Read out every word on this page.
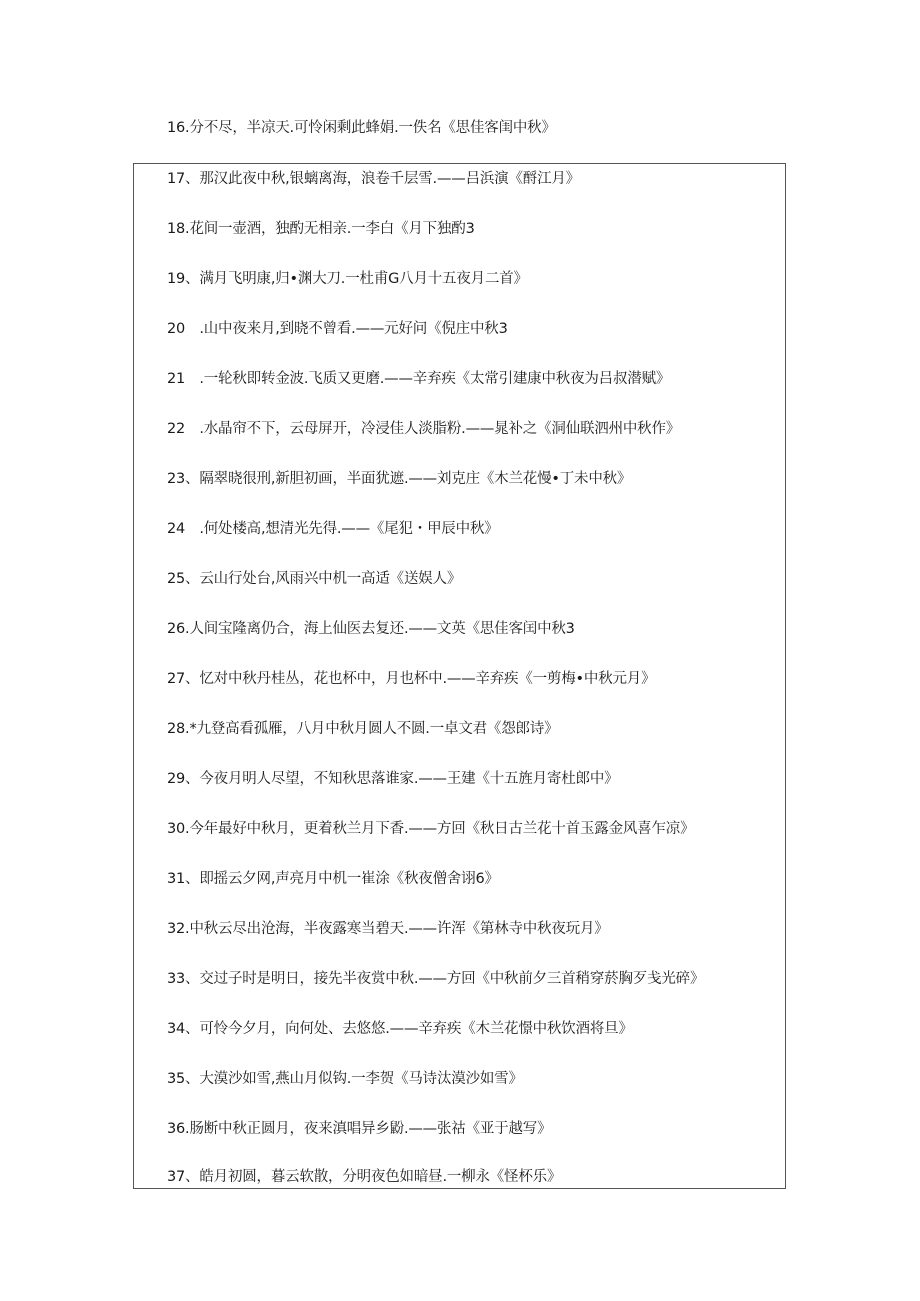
16.分不尽，半凉天.可怜闲剩此蜂娟.一佚名《思佳客闺中秋》
17、那汉此夜中秋,银螭离海，浪卷千层雪.——吕浜演《酹江月》
18.花间一壶酒，独酌无相亲.一李白《月下独酌3
19、满月飞明康,归•渊大刀.一杜甫G八月十五夜月二首》
20　.山中夜来月,到晓不曾看.——元好问《倪庄中秋3
21　.一轮秋即转金波.飞质又更磨.——辛弃疾《太常引建康中秋夜为吕叔潜赋》
22　.水晶帘不下，云母屏开，冷浸佳人淡脂粉.——晁补之《洞仙联泗州中秋作》
23、隔翠晓很刑,新胆初画，半面犹遮.——刘克庄《木兰花慢•丁未中秋》
24　.何处楼高,想清光先得.——《尾犯・甲辰中秋》
25、云山行处台,风雨兴中机一高适《送娱人》
26.人间宝隆离仍合，海上仙医去复还.——文英《思佳客闰中秋3
27、忆对中秋丹桂丛，花也杯中，月也杯中.——辛弃疾《一剪梅•中秋元月》
28.*九登高看孤雁，八月中秋月圆人不圆.一卓文君《怨郎诗》
29、今夜月明人尽望，不知秋思落谁家.——王建《十五旌月寄杜郎中》
30.今年最好中秋月，更着秋兰月下香.——方回《秋日古兰花十首玉露金风喜乍凉》
31、即摇云夕网,声亮月中机一崔涂《秋夜僧舍诩6》
32.中秋云尽出沧海，半夜露寒当碧天.——许浑《第林寺中秋夜玩月》
33、交过子时是明日，接先半夜赏中秋.——方回《中秋前夕三首稍穿菸胸歹戋光碎》
34、可怜今夕月，向何处、去悠悠.——辛弃疾《木兰花憬中秋饮酒将旦》
35、大漠沙如雪,燕山月似钩.一李贺《马诗汰漠沙如雪》
36.肠断中秋正圆月，夜来滇唱异乡鼢.——张祜《亚于越写》
37、皓月初圆，暮云软散，分明夜色如暗昼.一柳永《怪杯乐》
